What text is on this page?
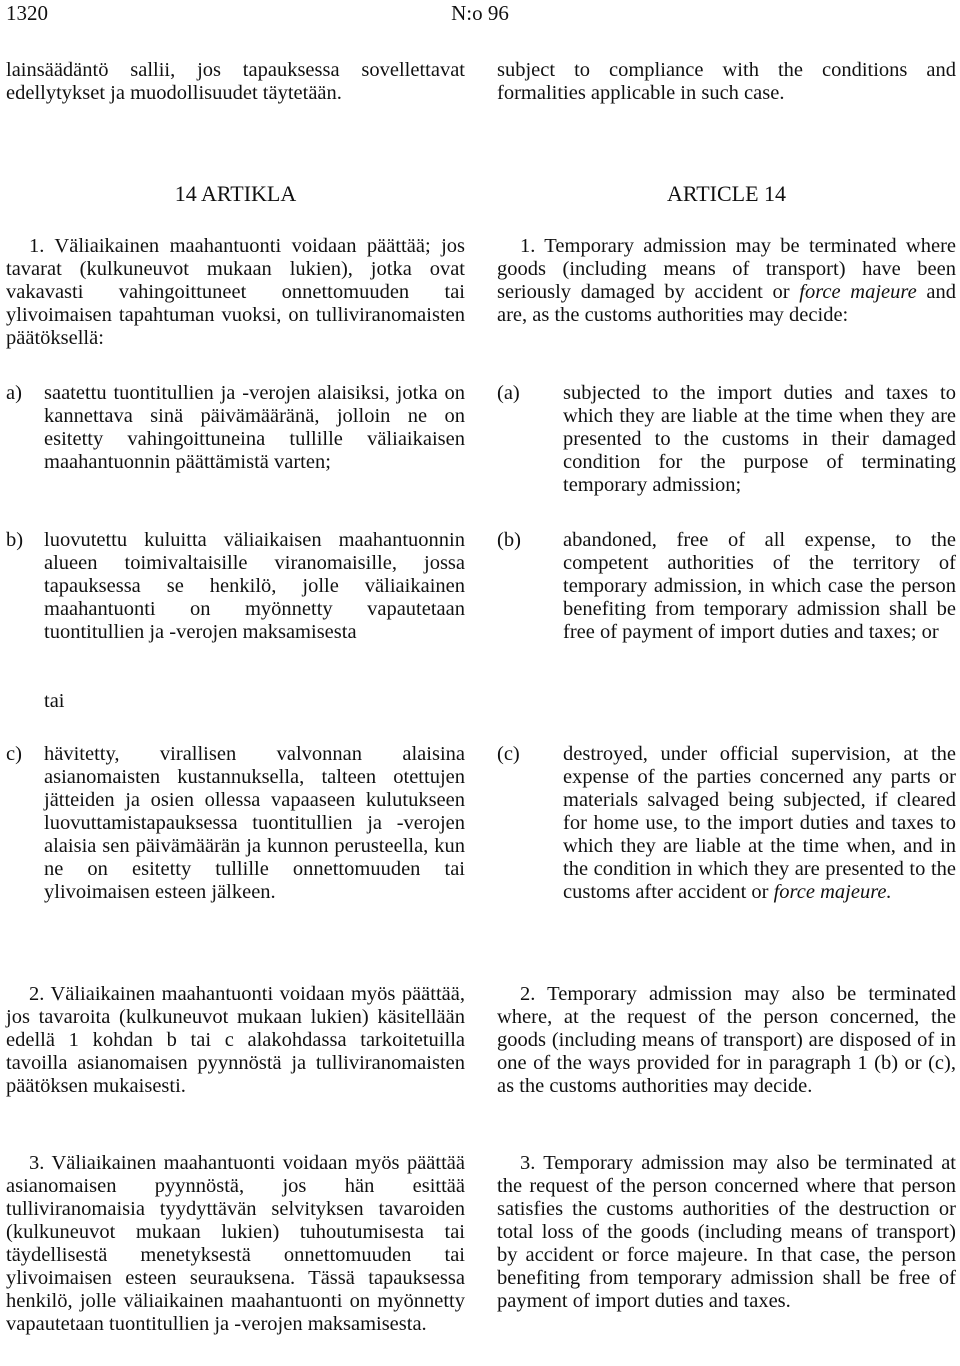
1320	N:o 96
lainsäädäntö sallii, jos tapauksessa sovellettavat edellytykset ja muodollisuudet täytetään.
14 ARTIKLA
1. Väliaikainen maahantuonti voidaan päättää; jos tavarat (kulkuneuvot mukaan lukien), jotka ovat vakavasti vahingoittuneet onnettomuuden tai ylivoimaisen tapahtuman vuoksi, on tulliviranomaisten päätöksellä:
a)	saatettu tuontitullien ja -verojen alaisiksi, jotka on kannettava sinä päivämääränä, jolloin ne on esitetty vahingoittuneina tullille väliaikaisen maahantuonnin päättämistä varten;
b)	luovutettu kuluitta väliaikaisen maahantuonnin alueen toimivaltaisille viranomaisille, jossa tapauksessa se henkilö, jolle väliaikainen maahantuonti on myönnetty vapautetaan tuontitullien ja -verojen maksamisesta
tai
c)	hävitetty, virallisen valvonnan alaisina asianomaisten kustannuksella, talteen otettujen jätteiden ja osien ollessa vapaaseen kulutukseen luovuttamistapauksessa tuontitullien ja -verojen alaisia sen päivämäärän ja kunnon perusteella, kun ne on esitetty tullille onnettomuuden tai ylivoimaisen esteen jälkeen.
2. Väliaikainen maahantuonti voidaan myös päättää, jos tavaroita (kulkuneuvot mukaan lukien) käsitellään edellä 1 kohdan b tai c alakohdassa tarkoitetuilla tavoilla asianomaisen pyynnöstä ja tulliviranomaisten päätöksen mukaisesti.
3. Väliaikainen maahantuonti voidaan myös päättää asianomaisen pyynnöstä, jos hän esittää tulliviranomaisia tyydyttävän selvityksen tavaroiden (kulkuneuvot mukaan lukien) tuhoutumisesta tai täydellisestä menetyksestä onnettomuuden tai ylivoimaisen esteen seurauksena. Tässä tapauksessa henkilö, jolle väliaikainen maahantuonti on myönnetty vapautetaan tuontitullien ja -verojen maksamisesta.
subject to compliance with the conditions and formalities applicable in such case.
ARTICLE 14
1. Temporary admission may be terminated where goods (including means of transport) have been seriously damaged by accident or force majeure and are, as the customs authorities may decide:
(a)	subjected to the import duties and taxes to which they are liable at the time when they are presented to the customs in their damaged condition for the purpose of terminating temporary admission;
(b)	abandoned, free of all expense, to the competent authorities of the territory of temporary admission, in which case the person benefiting from temporary admission shall be free of payment of import duties and taxes; or
(c)	destroyed, under official supervision, at the expense of the parties concerned any parts or materials salvaged being subjected, if cleared for home use, to the import duties and taxes to which they are liable at the time when, and in the condition in which they are presented to the customs after accident or force majeure.
2. Temporary admission may also be terminated where, at the request of the person concerned, the goods (including means of transport) are disposed of in one of the ways provided for in paragraph 1 (b) or (c), as the customs authorities may decide.
3. Temporary admission may also be terminated at the request of the person concerned where that person satisfies the customs authorities of the destruction or total loss of the goods (including means of transport) by accident or force majeure. In that case, the person benefiting from temporary admission shall be free of payment of import duties and taxes.
